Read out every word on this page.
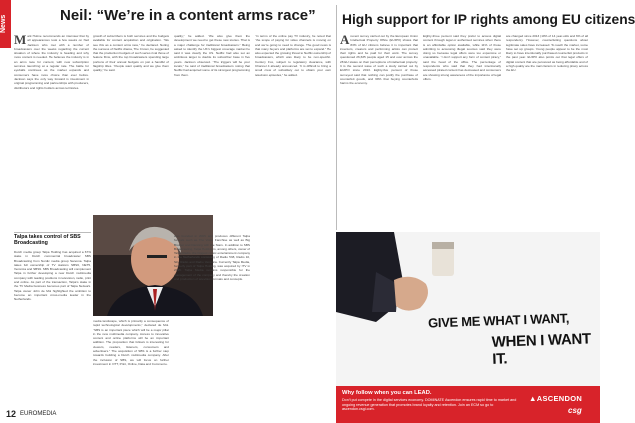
News	Neil: “We’re in a content arms race”
Mark Hulme recommends an interview that by all appearances took a few weeks on Neil Jackson who met with a number of broadcasters over the weeks regarding the current situation of where the industry is heading and why more content is needed. He believes the industry is in an arms race for content, with new subscription services launching at a regular rate. The battle for eyeballs continues as the market expands and consumers have more choice than ever before. Jackson says the only way forward is investment in original programming and partnerships with producers, distributors and rights holders across territories.
growth of subscribers is both services and the budgets available for content acquisition and origination. “We see this as a content arms race,” he declared. Noting the success of Netflix drama, The Crown, he suggested that the production budgets of such series rival those of feature films, with the top broadcasters spending large portions of their annual budgets on just a handful of flagship titles. “People want quality and we give them quality,” he said.
quality,” he added. “We also give them the development we need to get these new stories. That is a major challenge for traditional broadcasters.” Being asked to identify the UK’s biggest coverage market he said it was clearly the US. Netflix had also set an ambitious target to double its subscriber base in five years. Jackson observed. “The triggers will be your locals,” he said of traditional broadcasters noting that Netflix had acquired some of its strongest programming from them.
“In terms of the online pay TV industry, he noted that “the scope of paying for video channels is moving on and we’re going to need to change. The good news is that many buyers and platforms are set to expand.” He also expected the growing threat to Netflix ownership of broadcasters, which was likely to be non-specific. Century Fox, subject to regulatory clearance, with Channel 4 already announced. “It is difficult to bring a small crew of subsidiary out to obtain your own television episodes,” he added.
Talpa takes control of SBS Broadcasting
Dutch media group Talpa Holding has acquired a 67% stake in Dutch commercial broadcaster SBS Broadcasting from Nordic media group Sanoma. Talpa takes full ownership of TV stations SBS6, NET5, Veronica and SBS9. SBS Broadcasting will complement Talpa in further developing a new Dutch multimedia company with leading positions in television, radio, print and online. As part of the transaction, Talpa’s stake in the TV Media business becomes part of Talpa Network. Talpa owner John de Mol highlighted the ambition to become an important cross-media leader in the Netherlands.
media landscape, which is primarily a consequence of rapid technological developments,” declared de Mol. “SBS is an important piece which will be a major pillar in the new multimedia company. Access to innovative content and online platforms will be an important addition. The proposition that follows is interesting for viewers, readers, listeners, consumers and advertisers.” The acquisition of SBS is a further step towards building a Dutch multimedia company. After the inclusion of SBS, we will focus on further investment in OTT, Print, Online, Data and Commerce.
was founded in 2005 and produces different Talpa formats such as The Voice franchise as well as Big Brother and Dancing with the Stars. In addition to SBS Broadcasting, Talpa Holding is, among others, owner of Talpa Radio, the biggest music entertainment company in the Netherlands consisting of Radio 538, Radio 10, Sky Radio and Radio Veronica. Currently Talpa Media, formerly part of Talpa Holding, was acquired by ITV in 2015. Talpa Media remains responsible for the management of the company and thereby the creation and production of television formats and concepts.
12 EUROMEDIA
High support for IP rights among EU citizens
Arecent survey carried out by the European Union Intellectual Property Office (EUIPO) shows that 83% of EU citizens believe it is important that inventors, creators and performing artists can protect their rights and be paid for their work. The survey questioned 26,635 people aged 15 and over across the 28 EU states on their perceptions of intellectual property. It is the second wave of such a study carried out by EUIPO since 2013. Eighty-five percent of those surveyed said that nothing can justify the purchase of counterfeit goods, and 69% that buying counterfeits harms the economy.
Eighty-three percent said they prefer to access digital content through legal or authorised services when there is an affordable option available, while 11% of those admitting to accessing illegal sources said they were doing so because legal offers were too expensive or unavailable. “I don’t support any form of content piracy,” said the head of the office. The percentage of respondents who said that they had intentionally accessed pirated content has decreased and consumers are showing strong awareness of the importance of legal offers.
are changed since 2013 (10% of 14 year-olds and 6% of all responders). However, counterfeiting questions about legitimate sales have increased. To reach the market, some have set up groups. Young people appear to be the most likely to have intentionally purchased counterfeit products in the past year. EUIPO also points out that legal offers of digital content that are perceived as being affordable and of a high quality are the main factors in reducing piracy across the EU.
GIVE ME WHAT I WANT,
WHEN I WANT IT.
Why follow when you can LEAD.
Don’t put compete in the digital services economy. DOMINATE Ascendon ensures rapid time to market and ongoing revenue generation that promotes brand loyalty and retention. Join an ECM so go to ascendon.csgi.com.
▲ASCENDON
csg
